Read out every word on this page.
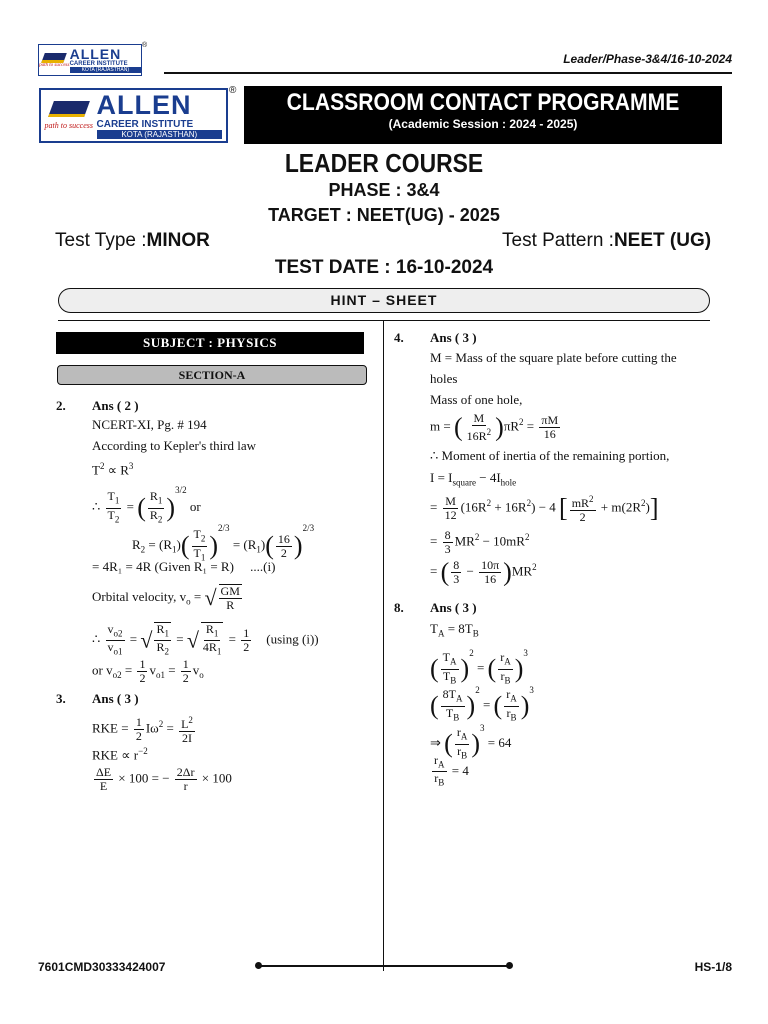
path to success
ALLEN
CAREER INSTITUTE
KOTA (RAJASTHAN)
®
Leader/Phase-3&4/16-10-2024
path to success
ALLEN
CAREER INSTITUTE
KOTA (RAJASTHAN)
®	CLASSROOM CONTACT PROGRAMME
(Academic Session : 2024 - 2025)
LEADER COURSE
PHASE : 3&4
TARGET : NEET(UG) - 2025
Test Type :MINOR	Test Pattern :NEET (UG)
TEST DATE : 16-10-2024
HINT – SHEET
SUBJECT : PHYSICS
SECTION-A
2. Ans ( 2 )
NCERT-XI, Pg. # 194
According to Kepler's third law
$T^2 \propto R^3$
∴ $\frac{T_1}{T_2}$ = ( $\frac{R_1}{R_2} )^{3/2}$ or
$R_2 = (R_1)( \frac{T_2}{T_1} )^{2/3} = (R_1)( \frac{16}{2} )^{2/3}$
= 4R₁ = 4R (Given R₁ = R) ....(i)
Orbital velocity, $v_o$ = √ $\frac{GM}{R}$
∴ $\frac{v_{o2}}{v_{o1}}$ = √ $\frac{R_1}{R_2}$ = √ $\frac{R_1}{4R_1} = \frac{1}{2} (using$ (i))
or $v_{o2} = \frac{1}{2} v_{o1} = \frac{1}{2} v_o$
3. Ans ( 3 )
RKE = $\frac{1}{2} I\omega^2 = \frac{L^2}{2I}$
RKE ∝ $r^{-2}$
$\frac{\Delta E}{E} \times 100$ = − $\frac{2\Delta r}{r} \times 100$
4. Ans ( 3 )
M = Mass of the square plate before cutting the
holes
Mass of one hole,
m = ( $\frac{M}{16R^2} )\pi R^2 = \frac{\pi M}{16}$
∴ Moment of inertia of the remaining portion,
$I = I_{square} - 4I_{hole}$
= $\frac{M}{12} (16R^2 + 16R^2) - 4$ [ $\frac{mR^2}{2} + m(2R^2)$]
= $\frac{8}{3} MR^2 - 10mR^2$
= ( $\frac{8}{3} - \frac{10\pi}{16} )MR^2$
8. Ans ( 3 )
$T_A = 8T_B$
( $\frac{T_A}{T_B} )^2$ = ( $\frac{r_A}{r_B} )^3$
( $\frac{8T_A}{T_B} )^2$ = ( $\frac{r_A}{r_B} )^3$
⇒ ( $\frac{r_A}{r_B} )^3 = 64$
$\frac{r_A}{r_B} = 4$
7601CMD30333424007	HS-1/8
